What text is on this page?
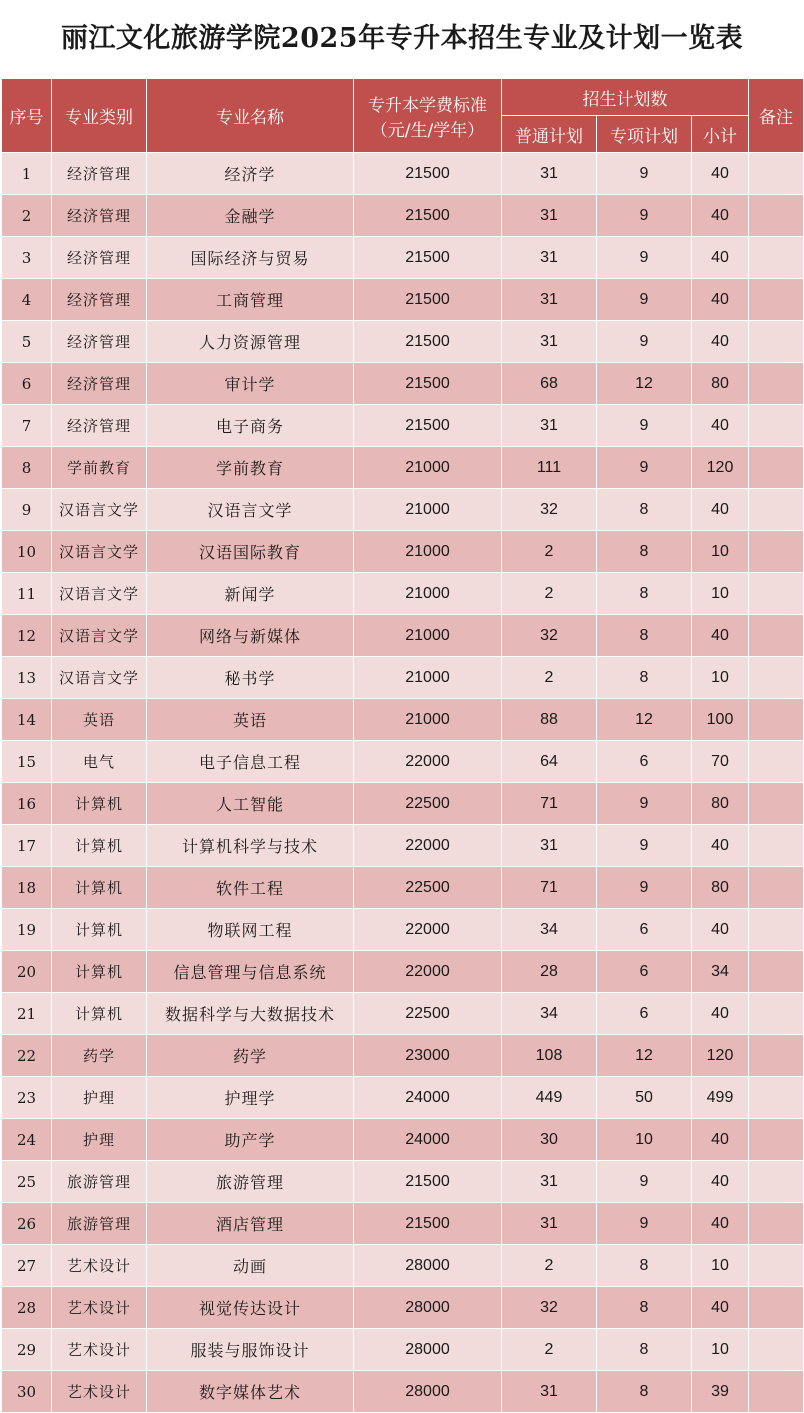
丽江文化旅游学院2025年专升本招生专业及计划一览表
序号	专业类别	专业名称	专升本学费标准
（元/生/学年）	招生计划数			备注
				普通计划	专项计划	小计	
1	经济管理	经济学	21500	31	9	40	
2	经济管理	金融学	21500	31	9	40	
3	经济管理	国际经济与贸易	21500	31	9	40	
4	经济管理	工商管理	21500	31	9	40	
5	经济管理	人力资源管理	21500	31	9	40	
6	经济管理	审计学	21500	68	12	80	
7	经济管理	电子商务	21500	31	9	40	
8	学前教育	学前教育	21000	111	9	120	
9	汉语言文学	汉语言文学	21000	32	8	40	
10	汉语言文学	汉语国际教育	21000	2	8	10	
11	汉语言文学	新闻学	21000	2	8	10	
12	汉语言文学	网络与新媒体	21000	32	8	40	
13	汉语言文学	秘书学	21000	2	8	10	
14	英语	英语	21000	88	12	100	
15	电气	电子信息工程	22000	64	6	70	
16	计算机	人工智能	22500	71	9	80	
17	计算机	计算机科学与技术	22000	31	9	40	
18	计算机	软件工程	22500	71	9	80	
19	计算机	物联网工程	22000	34	6	40	
20	计算机	信息管理与信息系统	22000	28	6	34	
21	计算机	数据科学与大数据技术	22500	34	6	40	
22	药学	药学	23000	108	12	120	
23	护理	护理学	24000	449	50	499	
24	护理	助产学	24000	30	10	40	
25	旅游管理	旅游管理	21500	31	9	40	
26	旅游管理	酒店管理	21500	31	9	40	
27	艺术设计	动画	28000	2	8	10	
28	艺术设计	视觉传达设计	28000	32	8	40	
29	艺术设计	服装与服饰设计	28000	2	8	10	
30	艺术设计	数字媒体艺术	28000	31	8	39	
